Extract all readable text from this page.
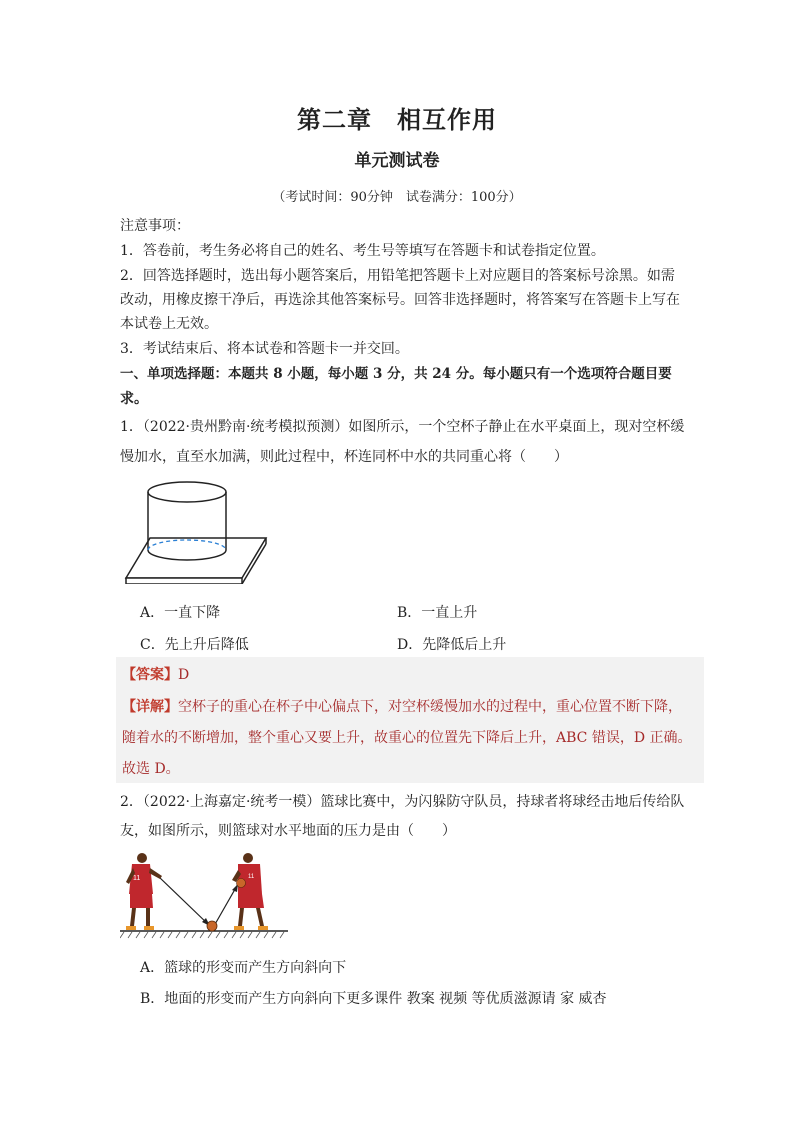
第二章　相互作用
单元测试卷
（考试时间：90分钟　试卷满分：100分）
注意事项：
1．答卷前，考生务必将自己的姓名、考生号等填写在答题卡和试卷指定位置。
2．回答选择题时，选出每小题答案后，用铅笔把答题卡上对应题目的答案标号涂黑。如需
改动，用橡皮擦干净后，再选涂其他答案标号。回答非选择题时，将答案写在答题卡上写在
本试卷上无效。
3．考试结束后、将本试卷和答题卡一并交回。
一、单项选择题：本题共 8 小题，每小题 3 分，共 24 分。每小题只有一个选项符合题目要
求。
1．（2022·贵州黔南·统考模拟预测）如图所示，一个空杯子静止在水平桌面上，现对空杯缓
慢加水，直至水加满，则此过程中，杯连同杯中水的共同重心将（　　）
A．一直下降	B．一直上升
C．先上升后降低	D．先降低后上升
【答案】D
【详解】空杯子的重心在杯子中心偏点下，对空杯缓慢加水的过程中，重心位置不断下降，
随着水的不断增加，整个重心又要上升，故重心的位置先下降后上升，ABC 错误，D 正确。
故选 D。
2．（2022·上海嘉定·统考一模）篮球比赛中，为闪躲防守队员，持球者将球经击地后传给队
友，如图所示，则篮球对水平地面的压力是由（　　）
11	11
A．篮球的形变而产生方向斜向下
B．地面的形变而产生方向斜向下更多课件 教案 视频 等优质滋源请 家 威杏
